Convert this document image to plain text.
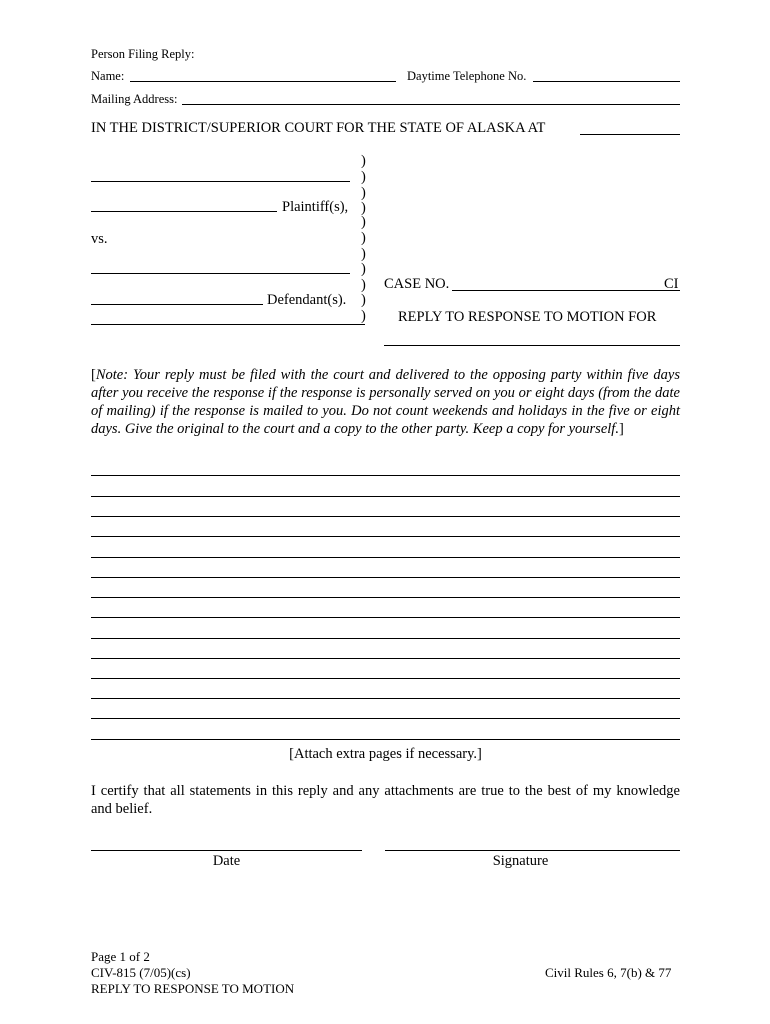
Person Filing Reply:
Name:	Daytime Telephone No.
Mailing Address:
IN THE DISTRICT/SUPERIOR COURT FOR THE STATE OF ALASKA AT
)
)
)
)
)
)
)
)
)
)
)
Plaintiff(s),
vs.
Defendant(s).
CASE NO.	CI
REPLY TO RESPONSE TO MOTION FOR
[Note: Your reply must be filed with the court and delivered to the opposing party within five days after you receive the response if the response is personally served on you or eight days (from the date of mailing) if the response is mailed to you. Do not count weekends and holidays in the five or eight days. Give the original to the court and a copy to the other party. Keep a copy for yourself.]
[Attach extra pages if necessary.]
I certify that all statements in this reply and any attachments are true to the best of my knowledge and belief.
Date	Signature
Page 1 of 2
CIV-815 (7/05)(cs)
REPLY TO RESPONSE TO MOTION
Civil Rules 6, 7(b) & 77
